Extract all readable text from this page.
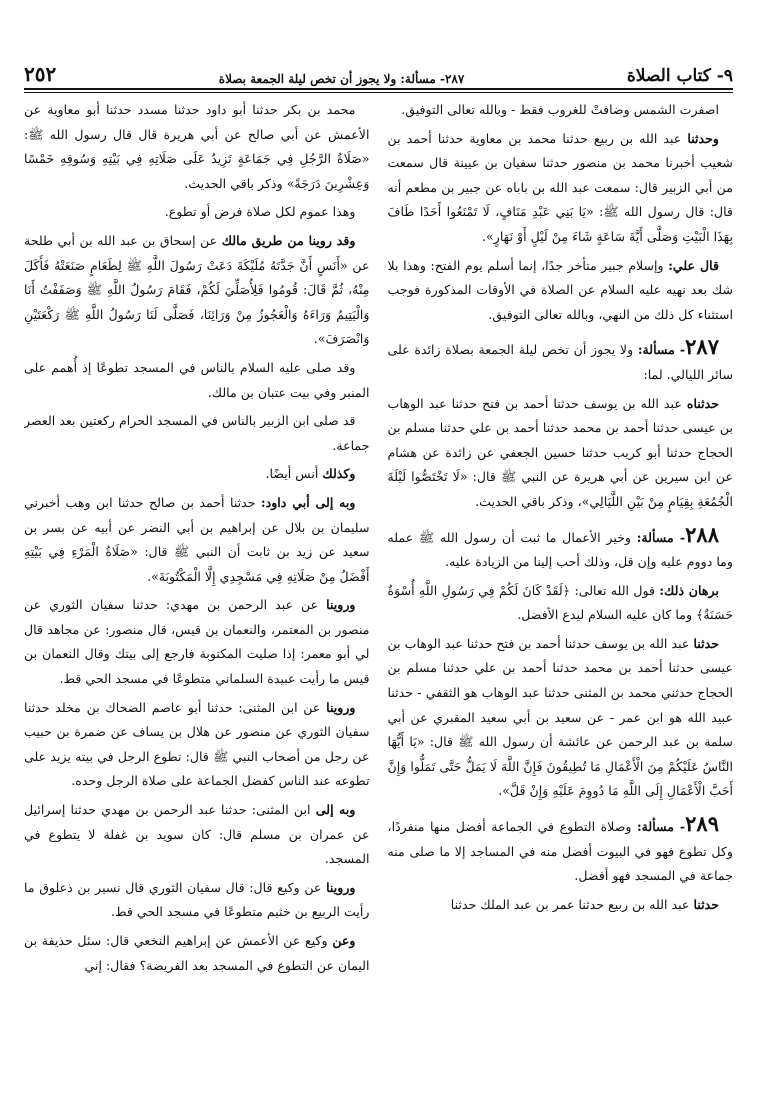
٩- كتاب الصلاة
٢٨٧- مسألة: ولا يجوز أن تخص ليلة الجمعة بصلاة
٢٥٢

اصفرت الشمس وضافتْ للغروب فقط - وبالله تعالى التوفيق.

وحدثنا عبد الله بن ربيع حدثنا محمد بن معاوية حدثنا أحمد بن شعيب أخبرنا محمد بن منصور حدثنا سفيان بن عيينة قال سمعت من أبي الزبير قال: سمعت عبد الله بن باباه عن جبير بن مطعم أنه قال: قال رسول الله ﷺ: «يَا بَنِي عَبْدِ مَنَافٍ، لَا تَمْنَعُوا أَحَدًا طَافَ بِهَذَا الْبَيْتِ وَصَلَّى أَيَّةَ سَاعَةٍ شَاءَ مِنْ لَيْلٍ أَوْ نَهَارٍ».

قال علي: وإسلام جبير متأخر جدًا، إنما أسلم يوم الفتح: وهذا بلا شك بعد نهيه عليه السلام عن الصلاة في الأوقات المذكورة فوجب استثناء كل ذلك من النهي، وبالله تعالى التوفيق.

٢٨٧- مسألة: ولا يجوز أن تخص ليلة الجمعة بصلاة زائدة على سائر الليالي. لما:

حدثناه عبد الله بن يوسف حدثنا أحمد بن فتح حدثنا عبد الوهاب بن عيسى حدثنا أحمد بن محمد حدثنا أحمد بن علي حدثنا مسلم بن الحجاج حدثنا أبو كريب حدثنا حسين الجعفي عن زائدة عن هشام عن ابن سيرين عن أبي هريرة عن النبي ﷺ قال: «لَا تَخْتَصُّوا لَيْلَةَ الْجُمُعَةِ بِقِيَامٍ مِنْ بَيْنِ اللَّيَالِي»، وذكر باقي الحديث.

٢٨٨- مسألة: وخير الأعمال ما ثبت أن رسول الله ﷺ عمله وما دووم عليه وإن قل، وذلك أحب إلينا من الزيادة عليه.

برهان ذلك: قول الله تعالى: ﴿لَقَدْ كَانَ لَكُمْ فِي رَسُولِ اللَّهِ أُسْوَةٌ حَسَنَةٌ﴾ وما كان عليه السلام ليدع الأفضل.

حدثنا عبد الله بن يوسف حدثنا أحمد بن فتح حدثنا عبد الوهاب بن عيسى حدثنا أحمد بن محمد حدثنا أحمد بن علي حدثنا مسلم بن الحجاج حدثني محمد بن المثنى حدثنا عبد الوهاب هو الثقفي - حدثنا عبيد الله هو ابن عمر - عن سعيد بن أبي سعيد المقبري عن أبي سلمة بن عبد الرحمن عن عائشة أن رسول الله ﷺ قال: «يَا أَيُّهَا النَّاسُ عَلَيْكُمْ مِنَ الْأَعْمَالِ مَا تُطِيقُونَ فَإِنَّ اللَّهَ لَا يَمَلُّ حَتَّى تَمَلُّوا وَإِنَّ أَحَبَّ الْأَعْمَالِ إِلَى اللَّهِ مَا دُووِمَ عَلَيْهِ وَإِنْ قَلَّ».

٢٨٩- مسألة: وصلاة التطوع في الجماعة أفضل منها منفردًا، وكل تطوع فهو في البيوت أفضل منه في المساجد إلا ما صلى منه جماعة في المسجد فهو أفضل.

حدثنا عبد الله بن ربيع حدثنا عمر بن عبد الملك حدثنا

محمد بن بكر حدثنا أبو داود حدثنا مسدد حدثنا أبو معاوية عن الأعمش عن أبي صالح عن أبي هريرة قال قال رسول الله ﷺ: «صَلَاةُ الرَّجُلِ فِي جَمَاعَةٍ تَزِيدُ عَلَى صَلَاتِهِ فِي بَيْتِهِ وَسُوقِهِ خَمْسًا وَعِشْرِينَ دَرَجَةً» وذكر باقي الحديث.

وهذا عموم لكل صلاة فرض أو تطوع.

وقد روينا من طريق مالك عن إسحاق بن عبد الله بن أبي طلحة عن «أَنَسٍ أَنَّ جَدَّتَهُ مُلَيْكَةَ دَعَتْ رَسُولَ اللَّهِ ﷺ لِطَعَامٍ صَنَعَتْهُ فَأَكَلَ مِنْهُ، ثُمَّ قَالَ: قُومُوا فَلِأُصَلِّيَ لَكُمْ، فَقَامَ رَسُولُ اللَّهِ ﷺ وَصَفَفْتُ أَنَا وَالْيَتِيمُ وَرَاءَهُ وَالْعَجُوزُ مِنْ وَرَائِنَا، فَصَلَّى لَنَا رَسُولُ اللَّهِ ﷺ رَكْعَتَيْنِ وَانْصَرَفَ».

وقد صلى عليه السلام بالناس في المسجد تطوعًا إذ أُهمم على المنبر وفي بيت عتبان بن مالك.

قد صلى ابن الزبير بالناس في المسجد الحرام ركعتين بعد العصر جماعة.

وكذلك أنس أيضًا.

وبه إلى أبي داود: حدثنا أحمد بن صالح حدثنا ابن وهب أخبرني سليمان بن بلال عن إبراهيم بن أبي النضر عن أبيه عن بسر بن سعيد عن زيد بن ثابت أن النبي ﷺ قال: «صَلَاةُ الْمَرْءِ فِي بَيْتِهِ أَفْضَلُ مِنْ صَلَاتِهِ فِي مَسْجِدِي إِلَّا الْمَكْتُوبَةَ».

وروينا عن عبد الرحمن بن مهدي: حدثنا سفيان الثوري عن منصور بن المعتمر، والنعمان بن قيس، قال منصور: عن مجاهد قال لي أبو معمر: إذا صليت المكتوبة فارجع إلى بيتك وقال النعمان بن قيس ما رأيت عبيدة السلماني متطوعًا في مسجد الحي قط.

وروينا عن ابن المثنى: حدثنا أبو عاصم الضحاك بن مخلد حدثنا سفيان الثوري عن منصور عن هلال بن يساف عن ضمرة بن حبيب عن رجل من أصحاب النبي ﷺ قال: تطوع الرجل في بيته يزيد على تطوعه عند الناس كفضل الجماعة على صلاة الرجل وحده.

وبه إلى ابن المثنى: حدثنا عبد الرحمن بن مهدي حدثنا إسرائيل عن عمران بن مسلم قال: كان سويد بن غفلة لا يتطوع في المسجد.

وروينا عن وكيع قال: قال سفيان الثوري قال نسير بن ذعلوق ما رأيت الربيع بن خثيم متطوعًا في مسجد الحي قط.

وعن وكيع عن الأعمش عن إبراهيم النخعي قال: سئل حذيفة بن اليمان عن التطوع في المسجد بعد الفريضة؟ فقال: إني
